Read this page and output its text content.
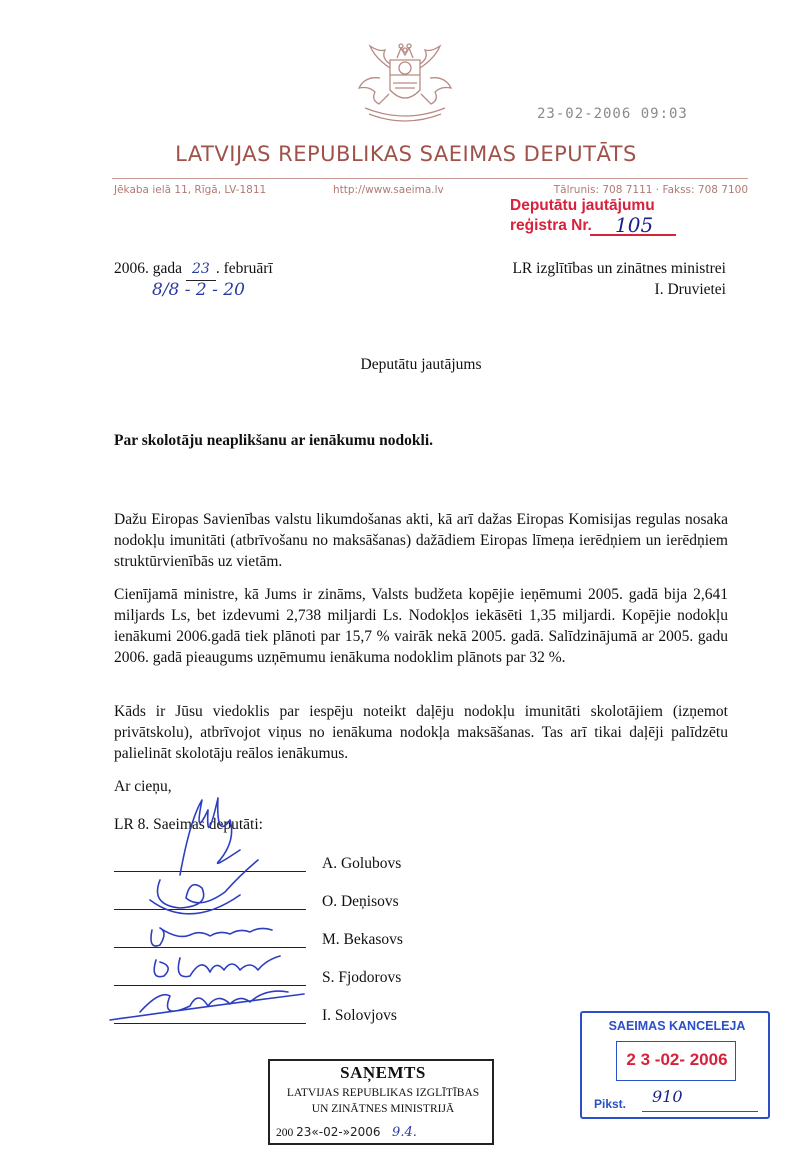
23-02-2006 09:03
LATVIJAS REPUBLIKAS SAEIMAS DEPUTĀTS
Jēkaba ielā 11, Rīgā, LV-1811	http://www.saeima.lv	Tālrunis: 708 7111 · Fakss: 708 7100
Deputātu jautājumu
reģistra Nr.	105
2006. gada 23 . februārī
8/8 - 2 - 20
LR izglītības un zinātnes ministrei
I. Druvietei
Deputātu jautājums
Par skolotāju neaplikšanu ar ienākumu nodokli.
Dažu Eiropas Savienības valstu likumdošanas akti, kā arī dažas Eiropas Komisijas regulas nosaka nodokļu imunitāti (atbrīvošanu no maksāšanas) dažādiem Eiropas līmeņa ierēdņiem un ierēdņiem struktūrvienībās uz vietām.
Cienījamā ministre, kā Jums ir zināms, Valsts budžeta kopējie ieņēmumi 2005. gadā bija 2,641 miljards Ls, bet izdevumi 2,738 miljardi Ls. Nodokļos iekāsēti 1,35 miljardi. Kopējie nodokļu ienākumi 2006.gadā tiek plānoti par 15,7 % vairāk nekā 2005. gadā. Salīdzinājumā ar 2005. gadu 2006. gadā pieaugums uzņēmumu ienākuma nodoklim plānots par 32 %.
Kāds ir Jūsu viedoklis par iespēju noteikt daļēju nodokļu imunitāti skolotājiem (izņemot privātskolu), atbrīvojot viņus no ienākuma nodokļa maksāšanas. Tas arī tikai daļēji palīdzētu palielināt skolotāju reālos ienākumus.
Ar cieņu,
LR 8. Saeimas deputāti:
A. Golubovs
O. Deņisovs
M. Bekasovs
S. Fjodorovs
I. Solovjovs
SAEIMAS KANCELEJA
2 3 -02- 2006
Pikst. 910
SAŅEMTS
LATVIJAS REPUBLIKAS IZGLĪTĪBAS
UN ZINĀTNES MINISTRIJĀ
200 23«-02-»2006 9.4.
